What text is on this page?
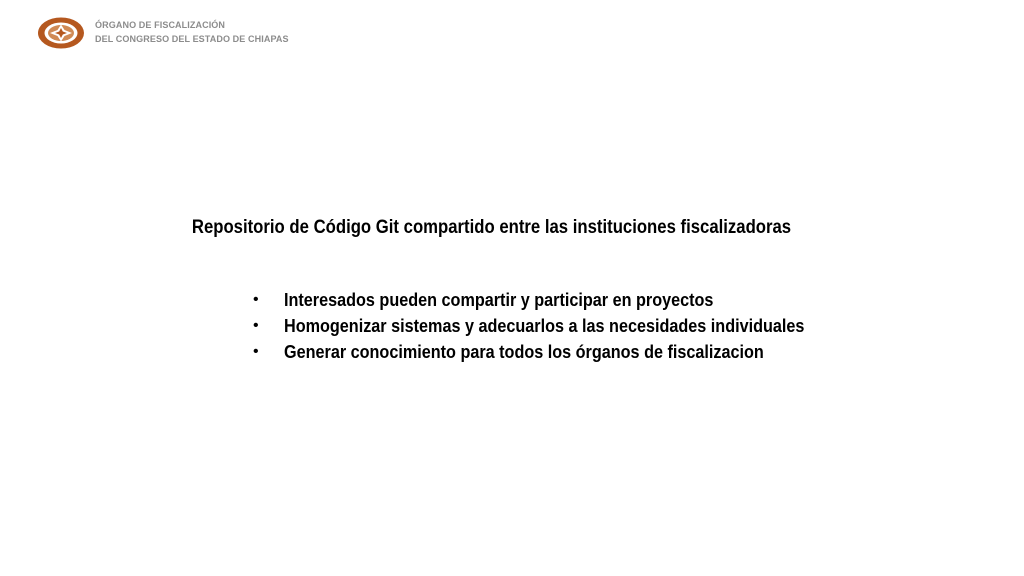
ÓRGANO DE FISCALIZACIÓN
DEL CONGRESO DEL ESTADO DE CHIAPAS
Repositorio de Código Git compartido entre las instituciones fiscalizadoras
•	Interesados pueden compartir y participar en proyectos
•	Homogenizar sistemas y adecuarlos a las necesidades individuales
•	Generar conocimiento para todos los órganos de fiscalizacion
